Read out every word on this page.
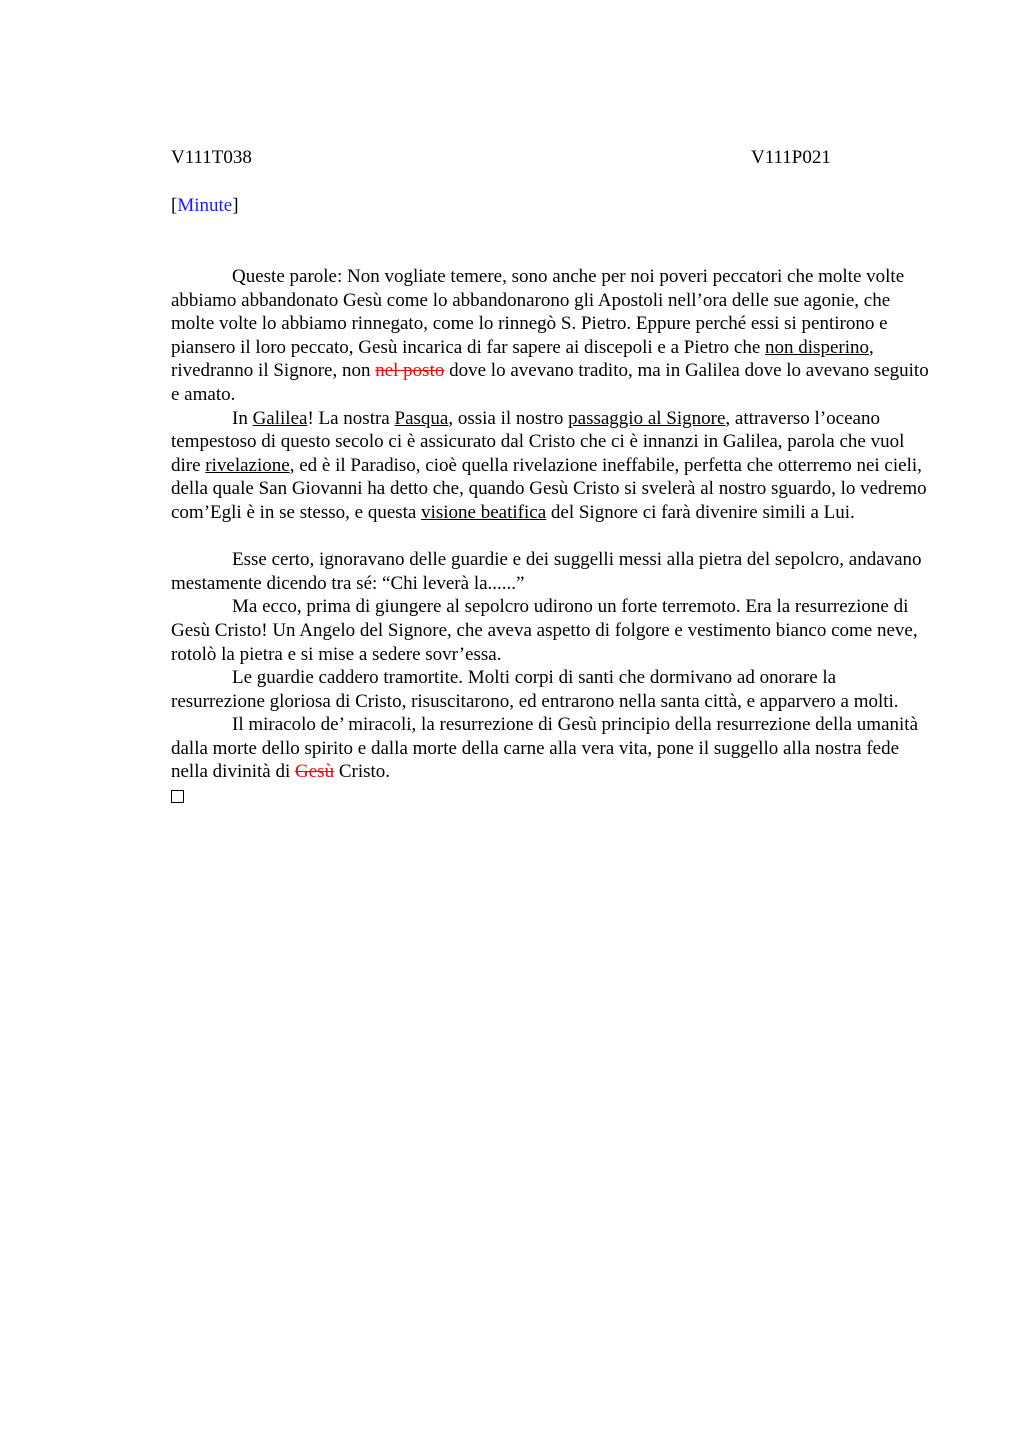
V111T038	V111P021
[Minute]

Queste parole: Non vogliate temere, sono anche per noi poveri peccatori che molte volte abbiamo abbandonato Gesù come lo abbandonarono gli Apostoli nell’ora delle sue agonie, che molte volte lo abbiamo rinnegato, come lo rinnegò S. Pietro. Eppure perché essi si pentirono e piansero il loro peccato, Gesù incarica di far sapere ai discepoli e a Pietro che non disperino, rivedranno il Signore, non nel posto dove lo avevano tradito, ma in Galilea dove lo avevano seguito e amato.

In Galilea! La nostra Pasqua, ossia il nostro passaggio al Signore, attraverso l’oceano tempestoso di questo secolo ci è assicurato dal Cristo che ci è innanzi in Galilea, parola che vuol dire rivelazione, ed è il Paradiso, cioè quella rivelazione ineffabile, perfetta che otterremo nei cieli, della quale San Giovanni ha detto che, quando Gesù Cristo si svelerà al nostro sguardo, lo vedremo com’Egli è in se stesso, e questa visione beatifica del Signore ci farà divenire simili a Lui.

Esse certo, ignoravano delle guardie e dei suggelli messi alla pietra del sepolcro, andavano mestamente dicendo tra sé: “Chi leverà la......”

Ma ecco, prima di giungere al sepolcro udirono un forte terremoto. Era la resurrezione di Gesù Cristo! Un Angelo del Signore, che aveva aspetto di folgore e vestimento bianco come neve, rotolò la pietra e si mise a sedere sovr’essa.

Le guardie caddero tramortite. Molti corpi di santi che dormivano ad onorare la resurrezione gloriosa di Cristo, risuscitarono, ed entrarono nella santa città, e apparvero a molti.

Il miracolo de’ miracoli, la resurrezione di Gesù principio della resurrezione della umanità dalla morte dello spirito e dalla morte della carne alla vera vita, pone il suggello alla nostra fede nella divinità di Gesù Cristo.
